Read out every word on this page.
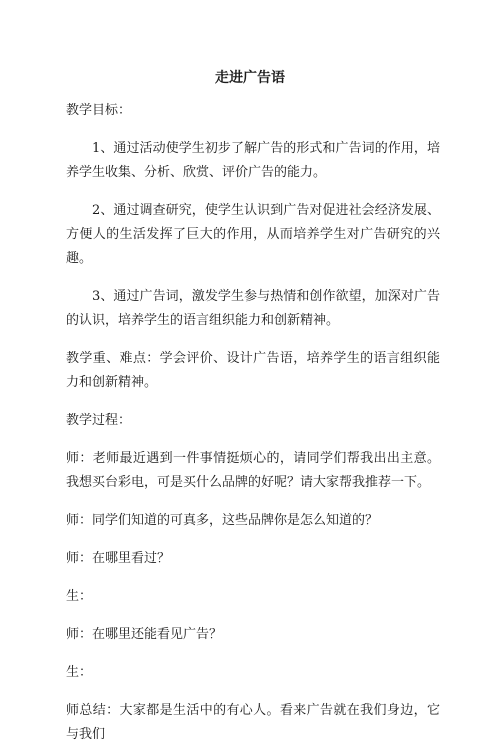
走进广告语

教学目标：

1、通过活动使学生初步了解广告的形式和广告词的作用，培养学生收集、分析、欣赏、评价广告的能力。

2、通过调查研究，使学生认识到广告对促进社会经济发展、方便人的生活发挥了巨大的作用，从而培养学生对广告研究的兴趣。

3、通过广告词，激发学生参与热情和创作欲望，加深对广告的认识，培养学生的语言组织能力和创新精神。

教学重、难点：学会评价、设计广告语，培养学生的语言组织能力和创新精神。

教学过程：

师：老师最近遇到一件事情挺烦心的，请同学们帮我出出主意。我想买台彩电，可是买什么品牌的好呢？请大家帮我推荐一下。

师：同学们知道的可真多，这些品牌你是怎么知道的？

师：在哪里看过？

生：

师：在哪里还能看见广告？

生：

师总结：大家都是生活中的有心人。看来广告就在我们身边，它与我们
